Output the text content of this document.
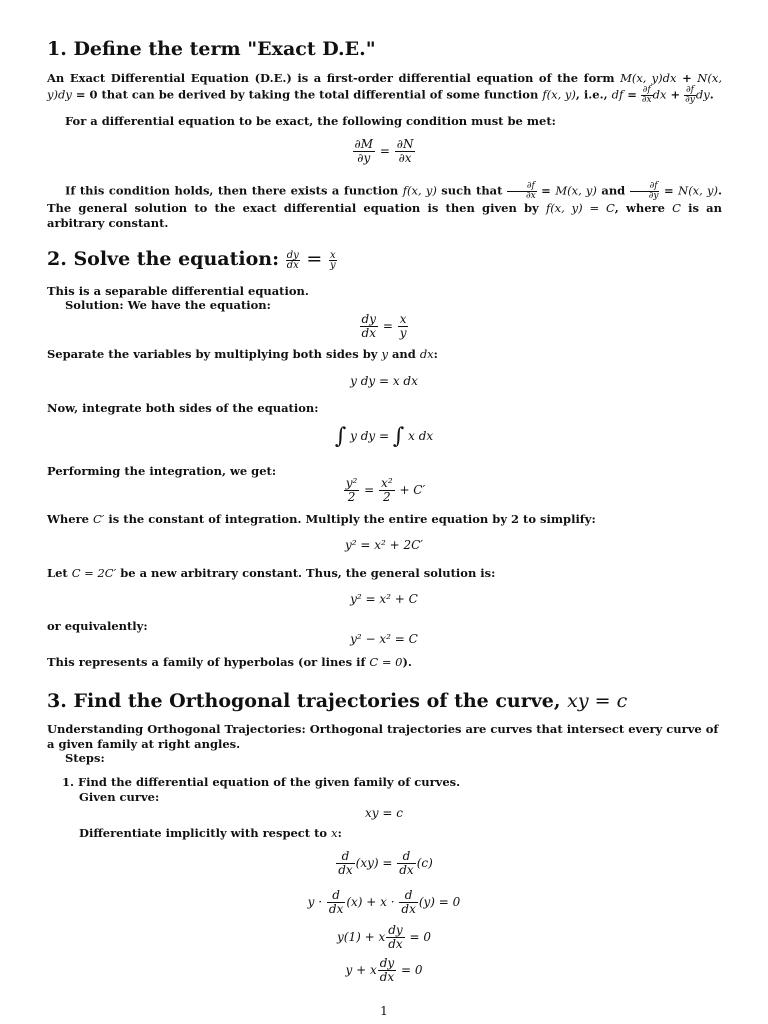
1. Define the term "Exact D.E."
An Exact Differential Equation (D.E.) is a first-order differential equation of the form M(x, y)dx + N(x, y)dy = 0 that can be derived by taking the total differential of some function f(x, y), i.e., df = $\frac{\partial f}{\partial x}$ dx + $\frac{\partial f}{\partial y}$ dy.
For a differential equation to be exact, the following condition must be met:
$\frac{\partial M}{\partial y} = \frac{\partial N}{\partial x}$
If this condition holds, then there exists a function f(x, y) such that $\frac{\partial f}{\partial x} = M(x$, y) and $\frac{\partial f}{\partial y} = N(x$, y). The general solution to the exact differential equation is then given by f(x, y) = C, where C is an arbitrary constant.
2. Solve the equation: $\frac{dy}{dx} = \frac{x}{y}$
This is a separable differential equation.
Solution: We have the equation:
$\frac{dy}{dx} = \frac{x}{y}$
Separate the variables by multiplying both sides by y and dx:
y dy = x dx
Now, integrate both sides of the equation:
∫ y dy = ∫ x dx
Performing the integration, we get:
$\frac{\text{y²}}{2} = \frac{\text{x²}}{2} + C'$
Where C′ is the constant of integration. Multiply the entire equation by 2 to simplify:
y² = x² + 2C′
Let C = 2C′ be a new arbitrary constant. Thus, the general solution is:
y² = x² + C
or equivalently:
y² − x² = C
This represents a family of hyperbolas (or lines if C = 0).
3. Find the Orthogonal trajectories of the curve, xy = c
Understanding Orthogonal Trajectories: Orthogonal trajectories are curves that intersect every curve of a given family at right angles.
Steps:
1. Find the differential equation of the given family of curves.
Given curve:
xy = c
Differentiate implicitly with respect to x:
$\frac{d}{dx} (xy) = \frac{d}{dx} (c)$
$y \cdot \frac{d}{dx} (x) + x \cdot \frac{d}{dx} (y) = 0$
y(1) + x $\frac{dy}{dx} = 0$
y + x $\frac{dy}{dx} = 0$
1
